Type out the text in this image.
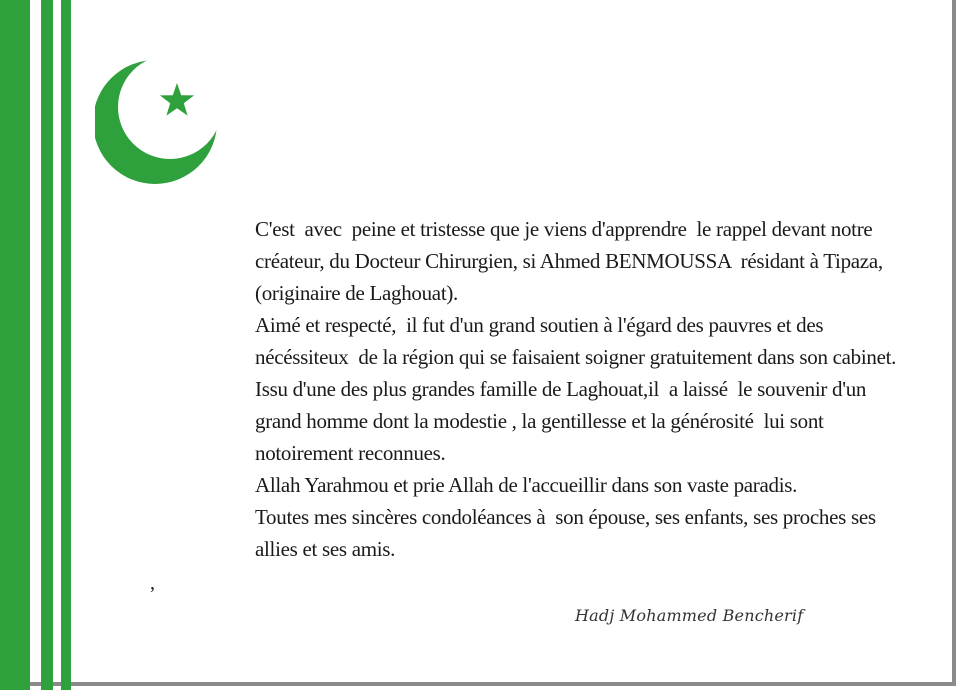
C'est  avec  peine et tristesse que je viens d'apprendre  le rappel devant notre créateur, du Docteur Chirurgien, si Ahmed BENMOUSSA  résidant à Tipaza, (originaire de Laghouat).

Aimé et respecté,  il fut d'un grand soutien à l'égard des pauvres et des nécéssiteux  de la région qui se faisaient soigner gratuitement dans son cabinet.

Issu d'une des plus grandes famille de Laghouat,il  a laissé  le souvenir d'un grand homme dont la modestie , la gentillesse et la générosité  lui sont notoirement reconnues.

Allah Yarahmou et prie Allah de l'accueillir dans son vaste paradis.

Toutes mes sincères condoléances à  son épouse, ses enfants, ses proches ses allies et ses amis.

,
Hadj Mohammed Bencherif
